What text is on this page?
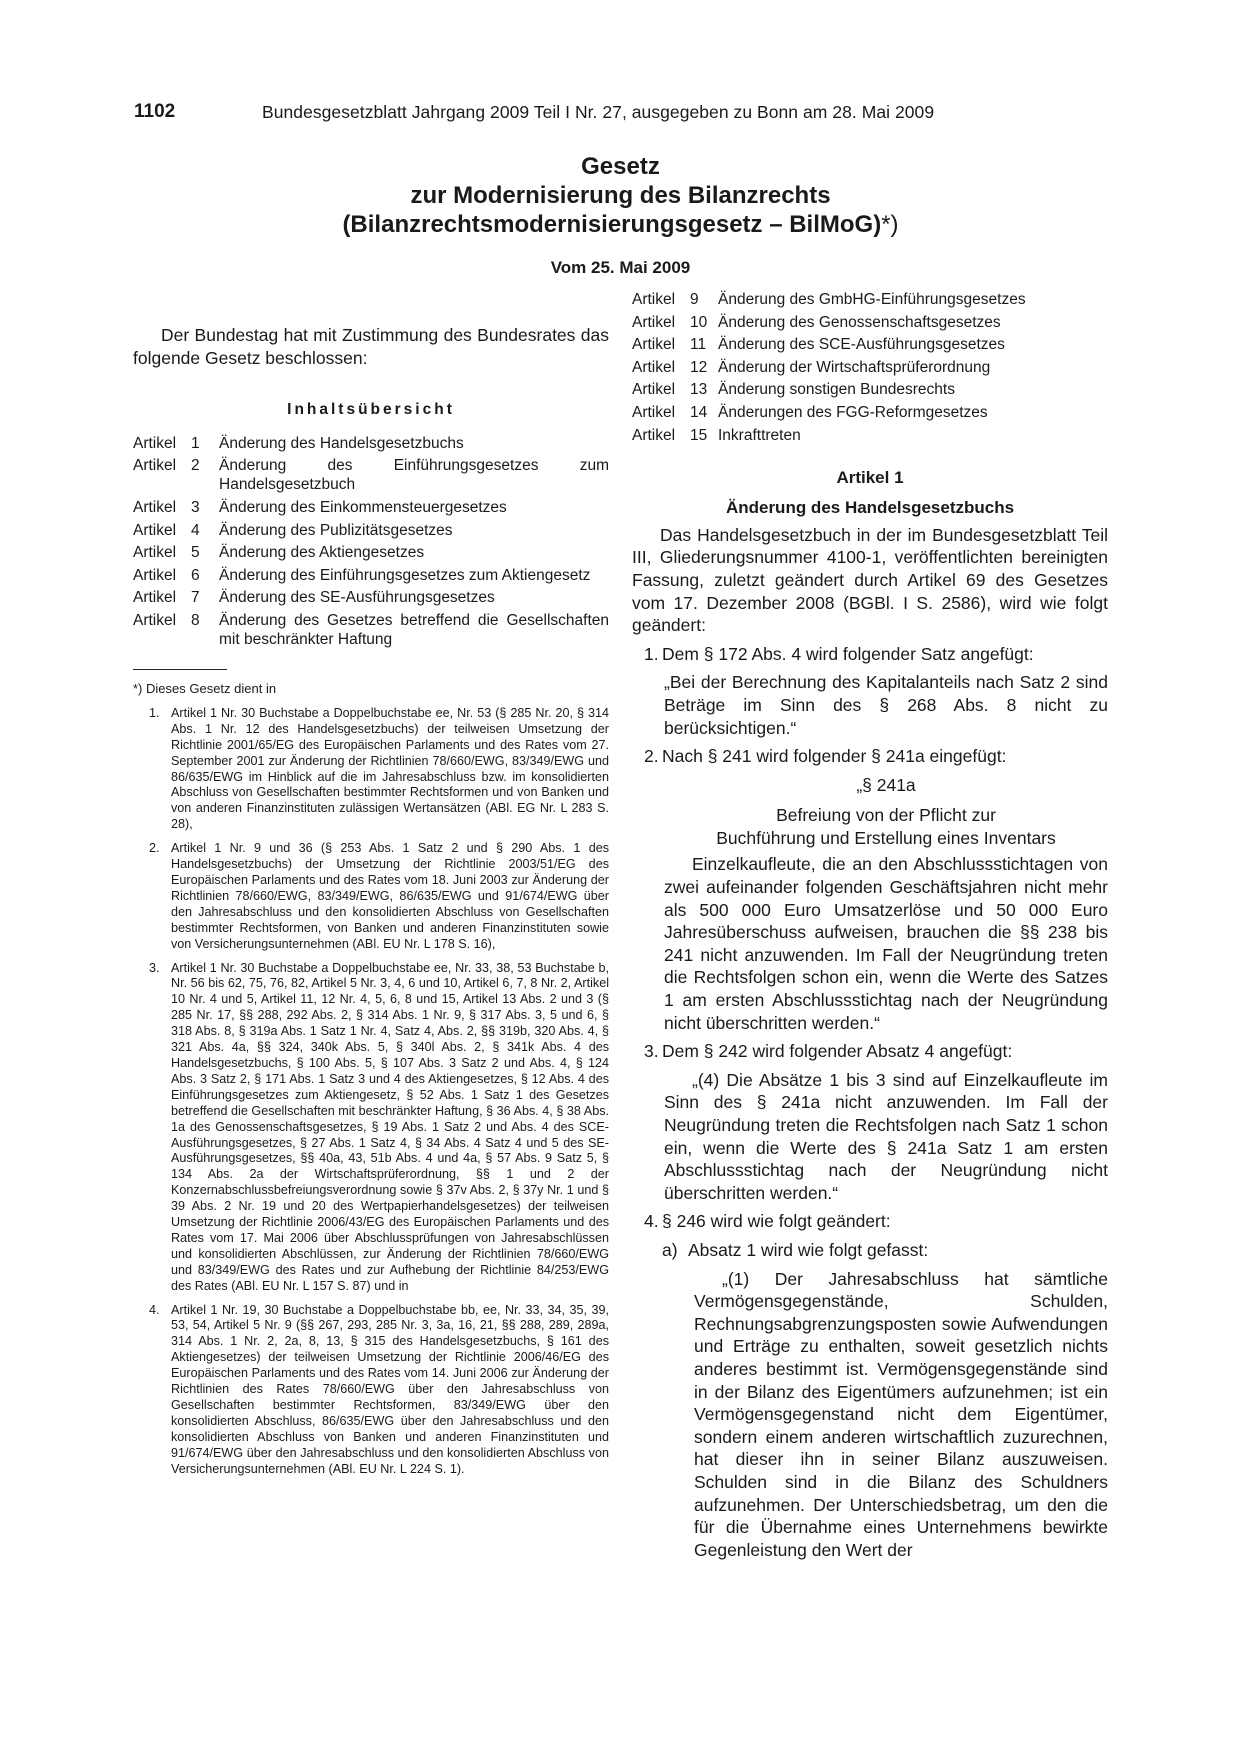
1102	Bundesgesetzblatt Jahrgang 2009 Teil I Nr. 27, ausgegeben zu Bonn am 28. Mai 2009
Gesetz
zur Modernisierung des Bilanzrechts
(Bilanzrechtsmodernisierungsgesetz – BilMoG)*)
Vom 25. Mai 2009

Der Bundestag hat mit Zustimmung des Bundesrates das folgende Gesetz beschlossen:

Inhaltsübersicht
Artikel 1	Änderung des Handelsgesetzbuchs
Artikel 2	Änderung des Einführungsgesetzes zum Handelsgesetzbuch
Artikel 3	Änderung des Einkommensteuergesetzes
Artikel 4	Änderung des Publizitätsgesetzes
Artikel 5	Änderung des Aktiengesetzes
Artikel 6	Änderung des Einführungsgesetzes zum Aktiengesetz
Artikel 7	Änderung des SE-Ausführungsgesetzes
Artikel 8	Änderung des Gesetzes betreffend die Gesellschaften mit beschränkter Haftung
*) Dieses Gesetz dient in
1. Artikel 1 Nr. 30 Buchstabe a Doppelbuchstabe ee, Nr. 53 (§ 285 Nr. 20, § 314 Abs. 1 Nr. 12 des Handelsgesetzbuchs) der teilweisen Umsetzung der Richtlinie 2001/65/EG des Europäischen Parlaments und des Rates vom 27. September 2001 zur Änderung der Richtlinien 78/660/EWG, 83/349/EWG und 86/635/EWG im Hinblick auf die im Jahresabschluss bzw. im konsolidierten Abschluss von Gesellschaften bestimmter Rechtsformen und von Banken und von anderen Finanzinstituten zulässigen Wertansätzen (ABl. EG Nr. L 283 S. 28),
2. Artikel 1 Nr. 9 und 36 (§ 253 Abs. 1 Satz 2 und § 290 Abs. 1 des Handelsgesetzbuchs) der Umsetzung der Richtlinie 2003/51/EG des Europäischen Parlaments und des Rates vom 18. Juni 2003 zur Änderung der Richtlinien 78/660/EWG, 83/349/EWG, 86/635/EWG und 91/674/EWG über den Jahresabschluss und den konsolidierten Abschluss von Gesellschaften bestimmter Rechtsformen, von Banken und anderen Finanzinstituten sowie von Versicherungsunternehmen (ABl. EU Nr. L 178 S. 16),
3. Artikel 1 Nr. 30 Buchstabe a Doppelbuchstabe ee, Nr. 33, 38, 53 Buchstabe b, Nr. 56 bis 62, 75, 76, 82, Artikel 5 Nr. 3, 4, 6 und 10, Artikel 6, 7, 8 Nr. 2, Artikel 10 Nr. 4 und 5, Artikel 11, 12 Nr. 4, 5, 6, 8 und 15, Artikel 13 Abs. 2 und 3 (§ 285 Nr. 17, §§ 288, 292 Abs. 2, § 314 Abs. 1 Nr. 9, § 317 Abs. 3, 5 und 6, § 318 Abs. 8, § 319a Abs. 1 Satz 1 Nr. 4, Satz 4, Abs. 2, §§ 319b, 320 Abs. 4, § 321 Abs. 4a, §§ 324, 340k Abs. 5, § 340l Abs. 2, § 341k Abs. 4 des Handelsgesetzbuchs, § 100 Abs. 5, § 107 Abs. 3 Satz 2 und Abs. 4, § 124 Abs. 3 Satz 2, § 171 Abs. 1 Satz 3 und 4 des Aktiengesetzes, § 12 Abs. 4 des Einführungsgesetzes zum Aktiengesetz, § 52 Abs. 1 Satz 1 des Gesetzes betreffend die Gesellschaften mit beschränkter Haftung, § 36 Abs. 4, § 38 Abs. 1a des Genossenschaftsgesetzes, § 19 Abs. 1 Satz 2 und Abs. 4 des SCE-Ausführungsgesetzes, § 27 Abs. 1 Satz 4, § 34 Abs. 4 Satz 4 und 5 des SE-Ausführungsgesetzes, §§ 40a, 43, 51b Abs. 4 und 4a, § 57 Abs. 9 Satz 5, § 134 Abs. 2a der Wirtschaftsprüferordnung, §§ 1 und 2 der Konzernabschlussbefreiungsverordnung sowie § 37v Abs. 2, § 37y Nr. 1 und § 39 Abs. 2 Nr. 19 und 20 des Wertpapierhandelsgesetzes) der teilweisen Umsetzung der Richtlinie 2006/43/EG des Europäischen Parlaments und des Rates vom 17. Mai 2006 über Abschlussprüfungen von Jahresabschlüssen und konsolidierten Abschlüssen, zur Änderung der Richtlinien 78/660/EWG und 83/349/EWG des Rates und zur Aufhebung der Richtlinie 84/253/EWG des Rates (ABl. EU Nr. L 157 S. 87) und in
4. Artikel 1 Nr. 19, 30 Buchstabe a Doppelbuchstabe bb, ee, Nr. 33, 34, 35, 39, 53, 54, Artikel 5 Nr. 9 (§§ 267, 293, 285 Nr. 3, 3a, 16, 21, §§ 288, 289, 289a, 314 Abs. 1 Nr. 2, 2a, 8, 13, § 315 des Handelsgesetzbuchs, § 161 des Aktiengesetzes) der teilweisen Umsetzung der Richtlinie 2006/46/EG des Europäischen Parlaments und des Rates vom 14. Juni 2006 zur Änderung der Richtlinien des Rates 78/660/EWG über den Jahresabschluss von Gesellschaften bestimmter Rechtsformen, 83/349/EWG über den konsolidierten Abschluss, 86/635/EWG über den Jahresabschluss und den konsolidierten Abschluss von Banken und anderen Finanzinstituten und 91/674/EWG über den Jahresabschluss und den konsolidierten Abschluss von Versicherungsunternehmen (ABl. EU Nr. L 224 S. 1).
Artikel 9	Änderung des GmbHG-Einführungsgesetzes
Artikel 10 Änderung des Genossenschaftsgesetzes
Artikel 11 Änderung des SCE-Ausführungsgesetzes
Artikel 12 Änderung der Wirtschaftsprüferordnung
Artikel 13 Änderung sonstigen Bundesrechts
Artikel 14 Änderungen des FGG-Reformgesetzes
Artikel 15 Inkrafttreten
Artikel 1
Änderung des Handelsgesetzbuchs

Das Handelsgesetzbuch in der im Bundesgesetzblatt Teil III, Gliederungsnummer 4100-1, veröffentlichten bereinigten Fassung, zuletzt geändert durch Artikel 69 des Gesetzes vom 17. Dezember 2008 (BGBl. I S. 2586), wird wie folgt geändert:

1. Dem § 172 Abs. 4 wird folgender Satz angefügt:

„Bei der Berechnung des Kapitalanteils nach Satz 2 sind Beträge im Sinn des § 268 Abs. 8 nicht zu berücksichtigen.“

2. Nach § 241 wird folgender § 241a eingefügt:
„§ 241a
Befreiung von der Pflicht zur
Buchführung und Erstellung eines Inventars

Einzelkaufleute, die an den Abschlussstichtagen von zwei aufeinander folgenden Geschäftsjahren nicht mehr als 500 000 Euro Umsatzerlöse und 50 000 Euro Jahresüberschuss aufweisen, brauchen die §§ 238 bis 241 nicht anzuwenden. Im Fall der Neugründung treten die Rechtsfolgen schon ein, wenn die Werte des Satzes 1 am ersten Abschlussstichtag nach der Neugründung nicht überschritten werden.“

3. Dem § 242 wird folgender Absatz 4 angefügt:

„(4) Die Absätze 1 bis 3 sind auf Einzelkaufleute im Sinn des § 241a nicht anzuwenden. Im Fall der Neugründung treten die Rechtsfolgen nach Satz 1 schon ein, wenn die Werte des § 241a Satz 1 am ersten Abschlussstichtag nach der Neugründung nicht überschritten werden.“

4. § 246 wird wie folgt geändert:
a) Absatz 1 wird wie folgt gefasst:

„(1) Der Jahresabschluss hat sämtliche Vermögensgegenstände, Schulden, Rechnungsabgrenzungsposten sowie Aufwendungen und Erträge zu enthalten, soweit gesetzlich nichts anderes bestimmt ist. Vermögensgegenstände sind in der Bilanz des Eigentümers aufzunehmen; ist ein Vermögensgegenstand nicht dem Eigentümer, sondern einem anderen wirtschaftlich zuzurechnen, hat dieser ihn in seiner Bilanz auszuweisen. Schulden sind in die Bilanz des Schuldners aufzunehmen. Der Unterschiedsbetrag, um den die für die Übernahme eines Unternehmens bewirkte Gegenleistung den Wert der
